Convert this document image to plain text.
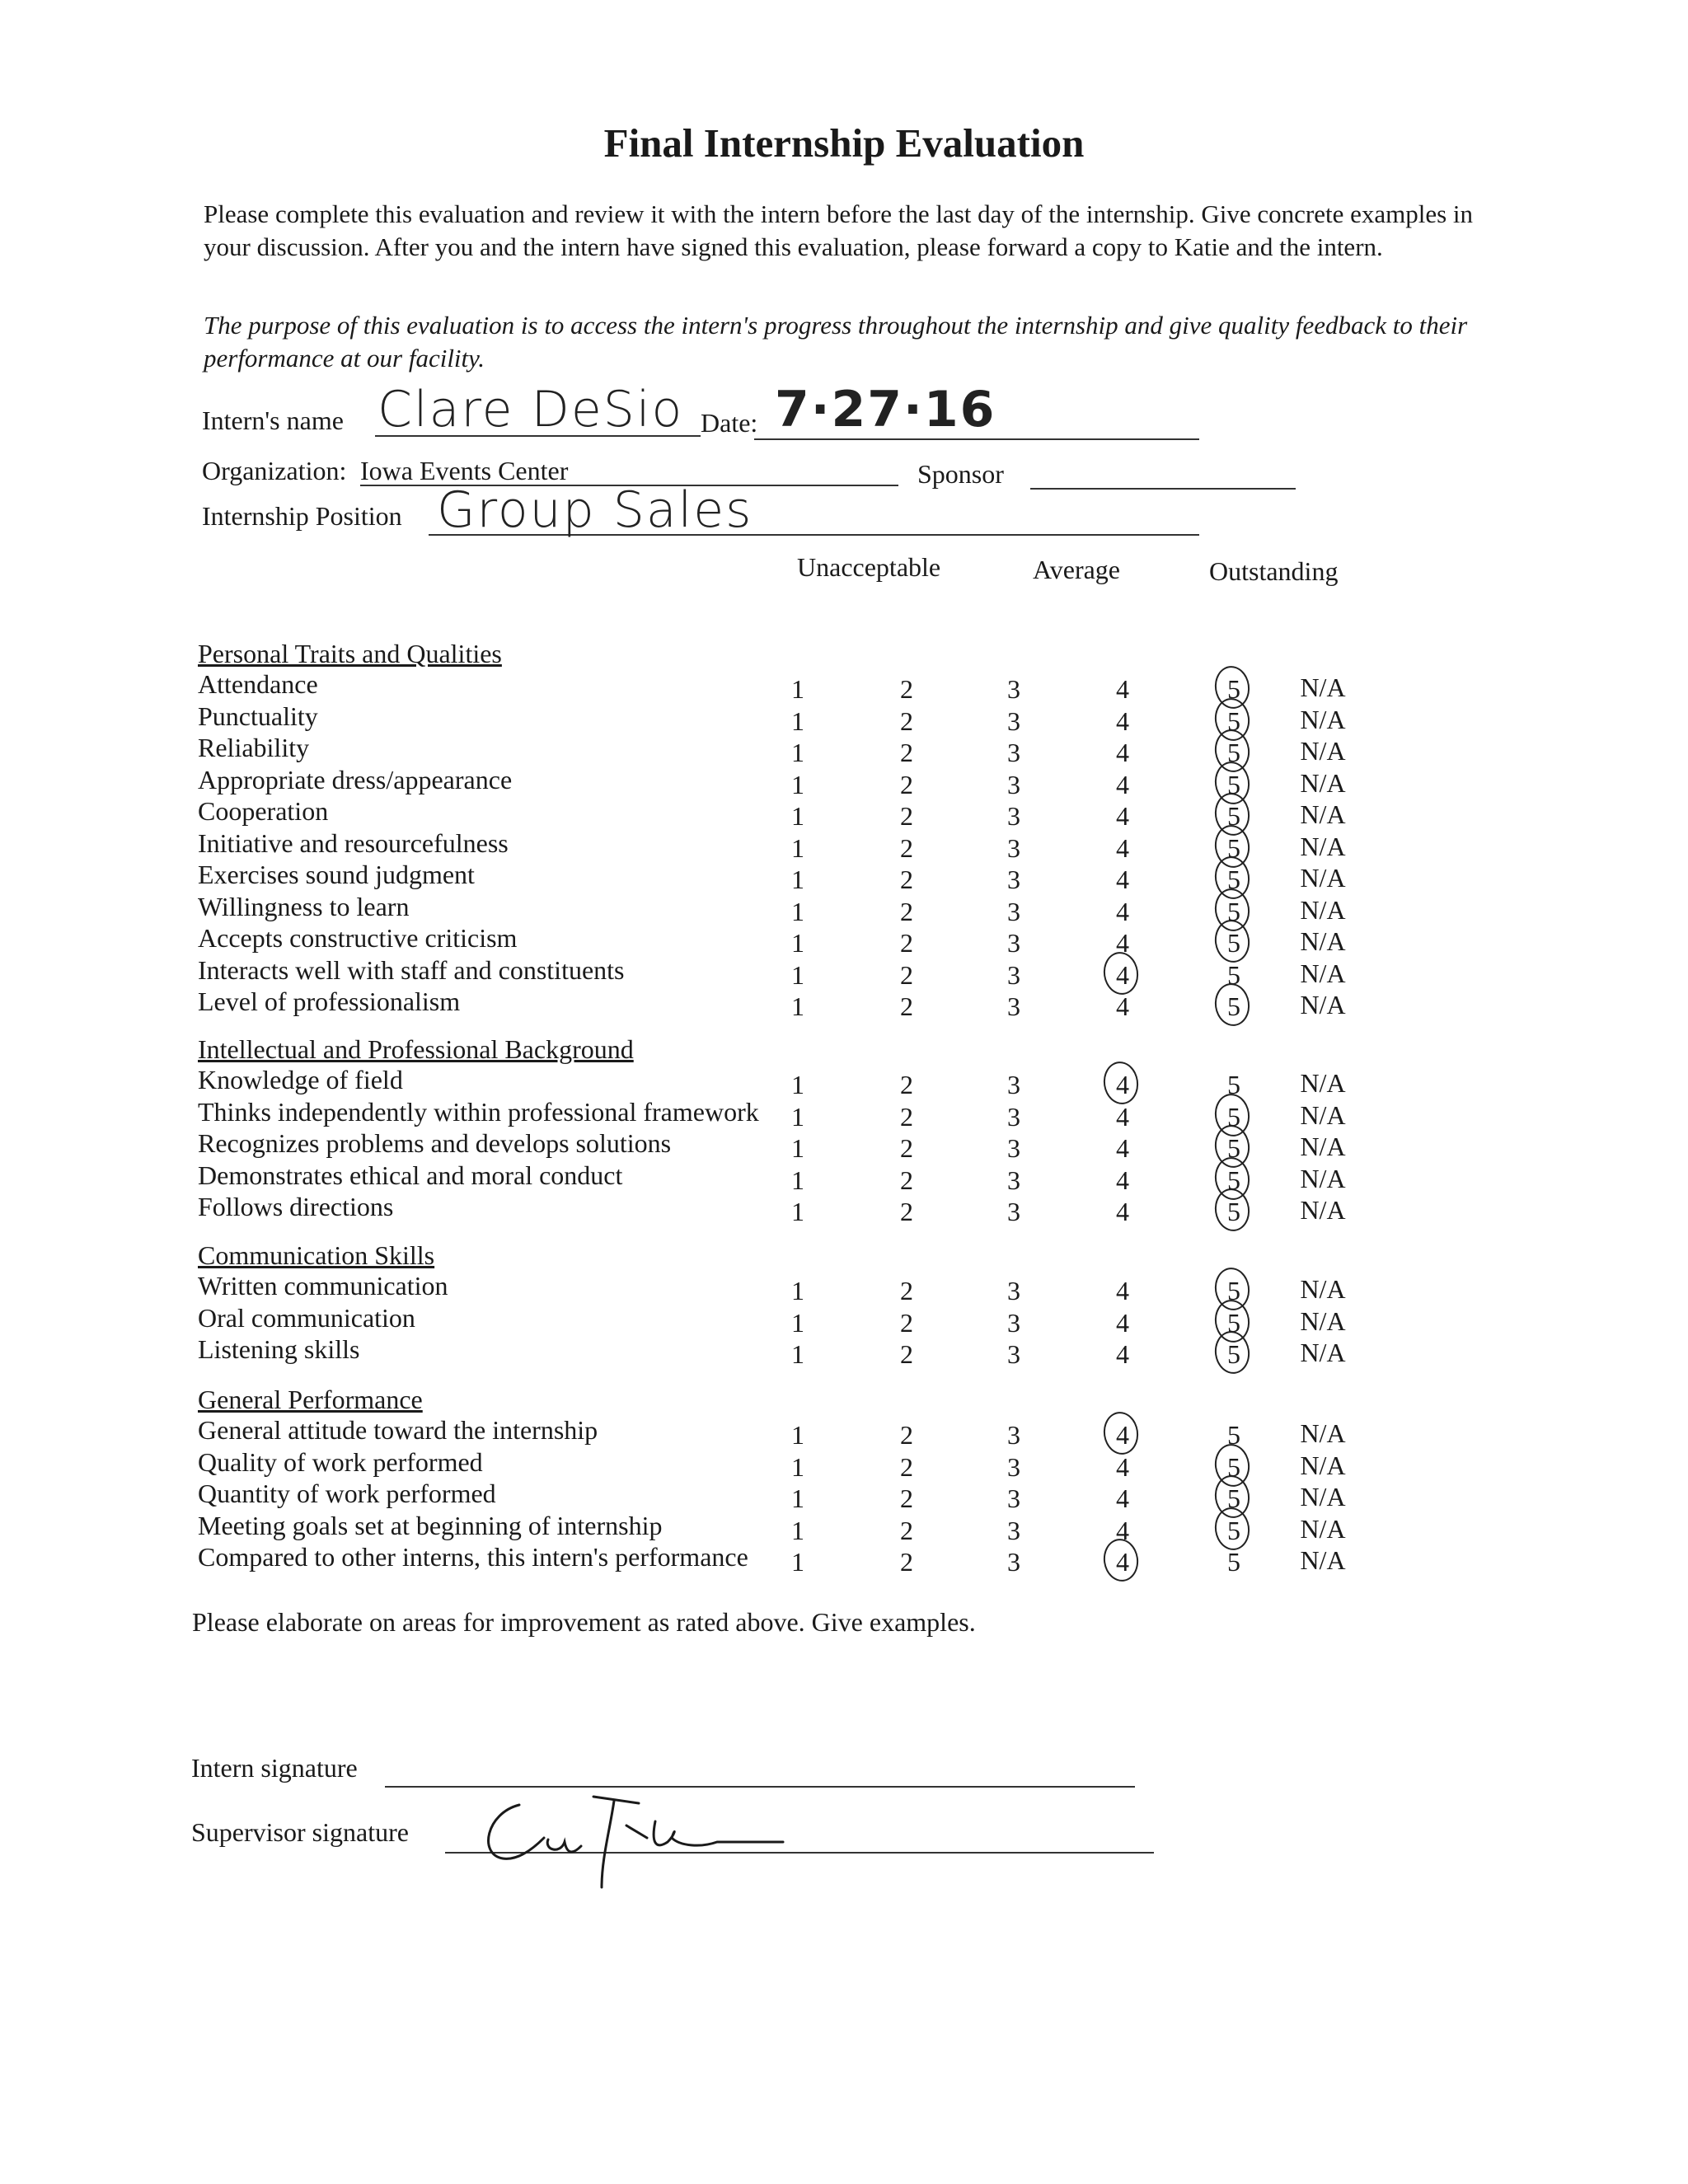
Final Internship Evaluation
Please complete this evaluation and review it with the intern before the last day of the internship. Give concrete examples in your discussion. After you and the intern have signed this evaluation, please forward a copy to Katie and the intern.
The purpose of this evaluation is to access the intern's progress throughout the internship and give quality feedback to their performance at our facility.
Intern's name Clare DeSio Date: 7·27·16
Organization: Iowa Events Center	Sponsor
Internship Position Group Sales
Unacceptable	Average	Outstanding
Personal Traits and Qualities
Attendance	1	2	3	4	5	N/A
Punctuality	1	2	3	4	5	N/A
Reliability	1	2	3	4	5	N/A
Appropriate dress/appearance	1	2	3	4	5	N/A
Cooperation	1	2	3	4	5	N/A
Initiative and resourcefulness	1	2	3	4	5	N/A
Exercises sound judgment	1	2	3	4	5	N/A
Willingness to learn	1	2	3	4	5	N/A
Accepts constructive criticism	1	2	3	4	5	N/A
Interacts well with staff and constituents	1	2	3	4	5	N/A
Level of professionalism	1	2	3	4	5	N/A
Intellectual and Professional Background
Knowledge of field	1	2	3	4	5	N/A
Thinks independently within professional framework	1	2	3	4	5	N/A
Recognizes problems and develops solutions	1	2	3	4	5	N/A
Demonstrates ethical and moral conduct	1	2	3	4	5	N/A
Follows directions	1	2	3	4	5	N/A
Communication Skills
Written communication	1	2	3	4	5	N/A
Oral communication	1	2	3	4	5	N/A
Listening skills	1	2	3	4	5	N/A
General Performance
General attitude toward the internship	1	2	3	4	5	N/A
Quality of work performed	1	2	3	4	5	N/A
Quantity of work performed	1	2	3	4	5	N/A
Meeting goals set at beginning of internship	1	2	3	4	5	N/A
Compared to other interns, this intern's performance	1	2	3	4	5	N/A
Please elaborate on areas for improvement as rated above. Give examples.
Intern signature
Supervisor signature
